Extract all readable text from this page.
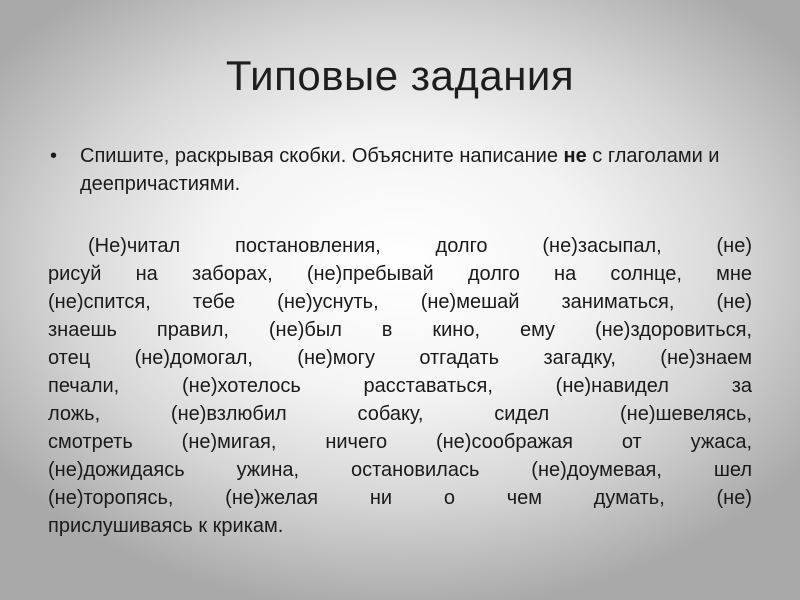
Типовые задания
• Спишите, раскрывая скобки. Объясните написание не с глаголами и деепричастиями.
(Не)читал постановления, долго (не)засыпал, (не)
рисуй на заборах, (не)пребывай долго на солнце, мне
(не)спится, тебе (не)уснуть, (не)мешай заниматься, (не)
знаешь правил, (не)был в кино, ему (не)здоровиться,
отец (не)домогал, (не)могу отгадать загадку, (не)знаем
печали, (не)хотелось расставаться, (не)навидел за
ложь, (не)взлюбил собаку, сидел (не)шевелясь,
смотреть (не)мигая, ничего (не)соображая от ужаса,
(не)дожидаясь ужина, остановилась (не)доумевая, шел
(не)торопясь, (не)желая ни о чем думать, (не)
прислушиваясь к крикам.
